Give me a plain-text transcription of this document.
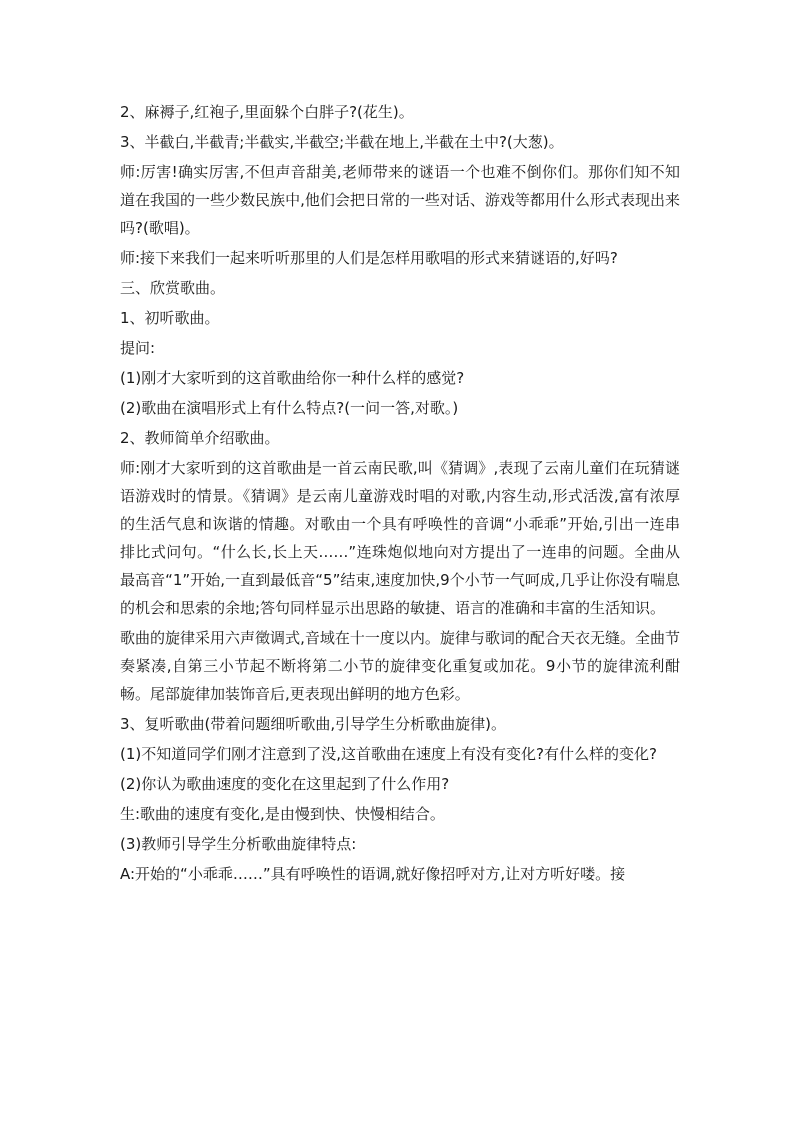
2、麻褥子,红袍子,里面躲个白胖子?(花生)。

3、半截白,半截青;半截实,半截空;半截在地上,半截在土中?(大葱)。

师:厉害!确实厉害,不但声音甜美,老师带来的谜语一个也难不倒你们。那你们知不知道在我国的一些少数民族中,他们会把日常的一些对话、游戏等都用什么形式表现出来吗?(歌唱)。

师:接下来我们一起来听听那里的人们是怎样用歌唱的形式来猜谜语的,好吗?

三、欣赏歌曲。

1、初听歌曲。

提问:

(1)刚才大家听到的这首歌曲给你一种什么样的感觉?

(2)歌曲在演唱形式上有什么特点?(一问一答,对歌。)

2、教师简单介绍歌曲。

师:刚才大家听到的这首歌曲是一首云南民歌,叫《猜调》,表现了云南儿童们在玩猜谜语游戏时的情景。《猜调》是云南儿童游戏时唱的对歌,内容生动,形式活泼,富有浓厚的生活气息和诙谐的情趣。对歌由一个具有呼唤性的音调“小乖乖”开始,引出一连串排比式问句。“什么长,长上天……”连珠炮似地向对方提出了一连串的问题。全曲从最高音“1”开始,一直到最低音“5”结束,速度加快,9个小节一气呵成,几乎让你没有喘息的机会和思索的余地;答句同样显示出思路的敏捷、语言的准确和丰富的生活知识。

歌曲的旋律采用六声徵调式,音域在十一度以内。旋律与歌词的配合天衣无缝。全曲节奏紧凑,自第三小节起不断将第二小节的旋律变化重复或加花。9小节的旋律流利酣畅。尾部旋律加装饰音后,更表现出鲜明的地方色彩。

3、复听歌曲(带着问题细听歌曲,引导学生分析歌曲旋律)。

(1)不知道同学们刚才注意到了没,这首歌曲在速度上有没有变化?有什么样的变化?

(2)你认为歌曲速度的变化在这里起到了什么作用?

生:歌曲的速度有变化,是由慢到快、快慢相结合。

(3)教师引导学生分析歌曲旋律特点:

A:开始的“小乖乖……”具有呼唤性的语调,就好像招呼对方,让对方听好喽。接
